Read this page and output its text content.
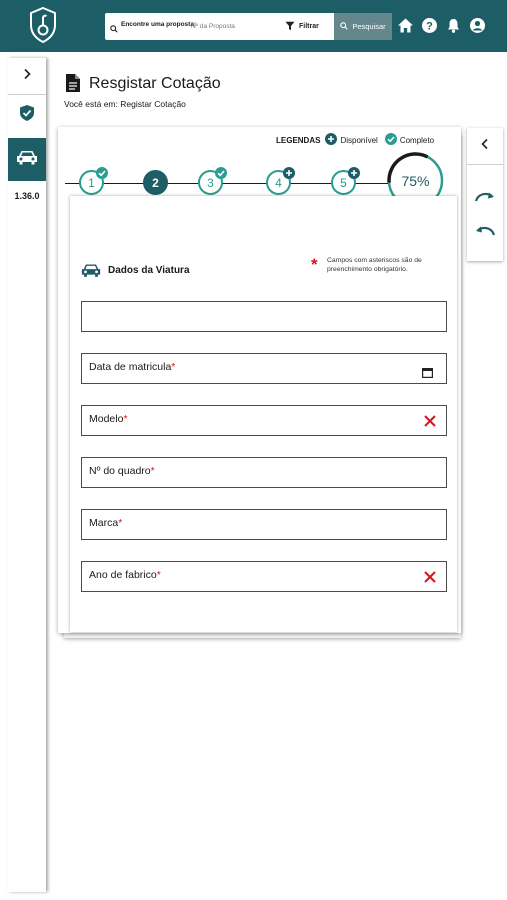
Encontre uma proposta:
Nº da Proposta	Filtrar	Pesquisar	?
1.36.0
Resgistar Cotação
Você está em: Registar Cotação
LEGENDAS	Disponível	Completo
1	2	3	4	5	75%
Dados da Viatura	* Campos com asteriscos são de preenchimento obrigatório.
Data de matricula*
Modelo*
Nº do quadro*
Marca*
Ano de fabrico*
